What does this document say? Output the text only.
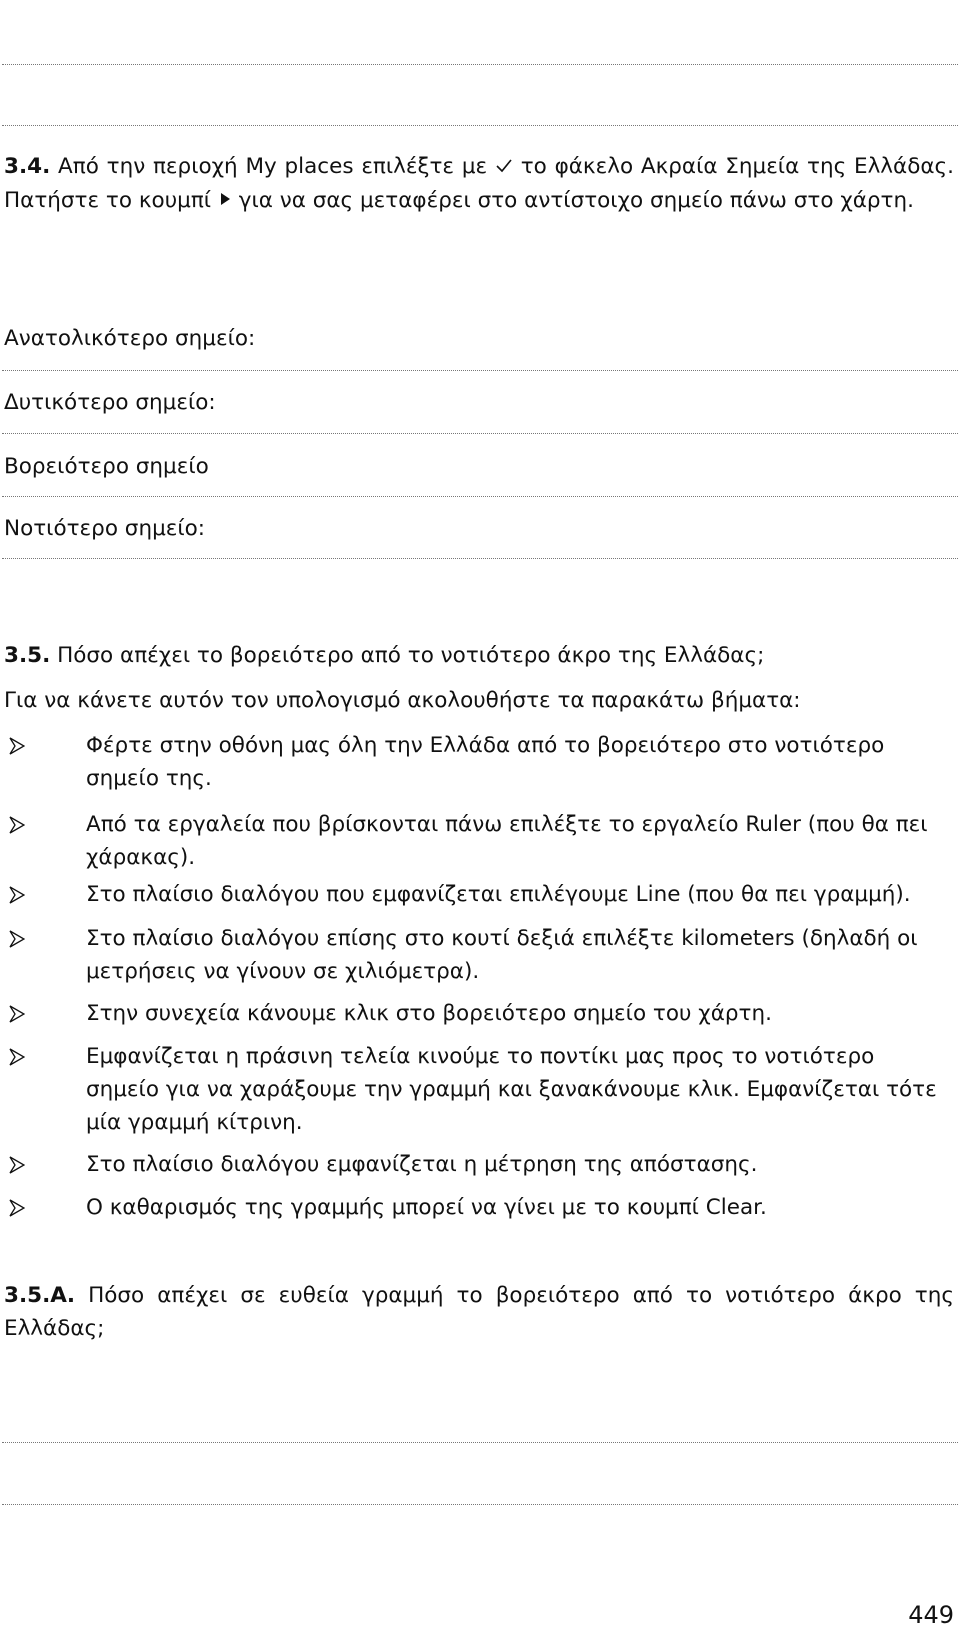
3.4. Από την περιοχή My places επιλέξτε με το φάκελο Ακραία Σημεία της Ελλάδας. Πατήστε το κουμπί για να σας μεταφέρει στο αντίστοιχο σημείο πάνω στο χάρτη.
Ανατολικότερο σημείο:
Δυτικότερο σημείο:
Βορειότερο σημείο
Νοτιότερο σημείο:
3.5. Πόσο απέχει το βορειότερο από το νοτιότερο άκρο της Ελλάδας;
Για να κάνετε αυτόν τον υπολογισμό ακολουθήστε τα παρακάτω βήματα:
Φέρτε στην οθόνη μας όλη την Ελλάδα από το βορειότερο στο νοτιότερο σημείο της.
Από τα εργαλεία που βρίσκονται πάνω επιλέξτε το εργαλείο Ruler (που θα πει χάρακας).
Στο πλαίσιο διαλόγου που εμφανίζεται επιλέγουμε Line (που θα πει γραμμή).
Στο πλαίσιο διαλόγου επίσης στο κουτί δεξιά επιλέξτε kilometers (δηλαδή οι μετρήσεις να γίνουν σε χιλιόμετρα).
Στην συνεχεία κάνουμε κλικ στο βορειότερο σημείο του χάρτη.
Εμφανίζεται η πράσινη τελεία κινούμε το ποντίκι μας προς το νοτιότερο σημείο για να χαράξουμε την γραμμή και ξανακάνουμε κλικ. Εμφανίζεται τότε μία γραμμή κίτρινη.
Στο πλαίσιο διαλόγου εμφανίζεται η μέτρηση της απόστασης.
Ο καθαρισμός της γραμμής μπορεί να γίνει με το κουμπί Clear.
3.5.Α. Πόσο απέχει σε ευθεία γραμμή το βορειότερο από το νοτιότερο άκρο της Ελλάδας;
449
